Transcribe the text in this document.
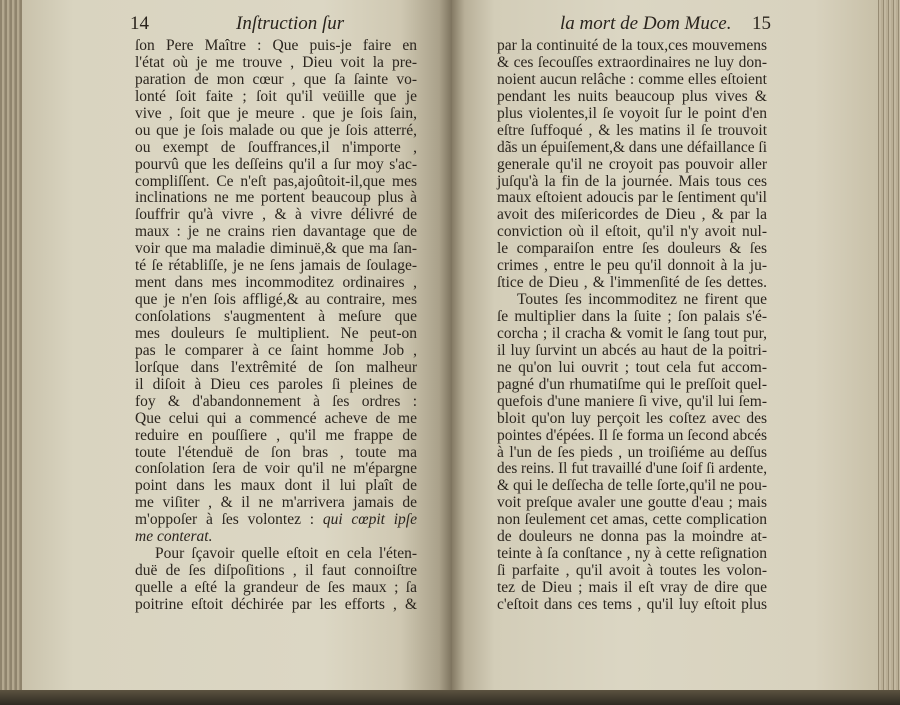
14	Inſtruction ſur	la mort de Dom Muce. 15
ſon Pere Maître : Que puis-je faire en
l'état où je me trouve , Dieu voit la pre-
paration de mon cœur , que ſa ſainte vo-
lonté ſoit faite ; ſoit qu'il veüille que je
vive , ſoit que je meure . que je ſois ſain,
ou que je ſois malade ou que je ſois atterré,
ou exempt de ſouffrances,il n'importe ,
pourvû que les deſſeins qu'il a ſur moy s'ac-
compliſſent. Ce n'eſt pas,ajoûtoit-il,que mes
inclinations ne me portent beaucoup plus à
ſouffrir qu'à vivre , & à vivre délivré de
maux : je ne crains rien davantage que de
voir que ma maladie diminuë,& que ma ſan-
té ſe rétabliſſe, je ne ſens jamais de ſoulage-
ment dans mes incommoditez ordinaires ,
que je n'en ſois affligé,& au contraire, mes
conſolations s'augmentent à meſure que
mes douleurs ſe multiplient. Ne peut-on
pas le comparer à ce ſaint homme Job ,
lorſque dans l'extrêmité de ſon malheur
il diſoit à Dieu ces paroles ſi pleines de
foy & d'abandonnement à ſes ordres :
Que celui qui a commencé acheve de me
reduire en pouſſiere , qu'il me frappe de
toute l'étenduë de ſon bras , toute ma
conſolation ſera de voir qu'il ne m'épargne
point dans les maux dont il lui plaît de
me viſiter , & il ne m'arrivera jamais de
m'oppoſer à ſes volontez : qui cœpit ipſe
me conterat.
Pour ſçavoir quelle eſtoit en cela l'éten-
duë de ſes diſpoſitions , il faut connoiſtre
quelle a eſté la grandeur de ſes maux ; ſa
poitrine eſtoit déchirée par les efforts , &
par la continuité de la toux,ces mouvemens
& ces ſecouſſes extraordinaires ne luy don-
noient aucun relâche : comme elles eſtoient
pendant les nuits beaucoup plus vives &
plus violentes,il ſe voyoit ſur le point d'en
eſtre ſuffoqué , & les matins il ſe trouvoit
dãs un épuiſement,& dans une défaillance ſi
generale qu'il ne croyoit pas pouvoir aller
juſqu'à la fin de la journée. Mais tous ces
maux eſtoient adoucis par le ſentiment qu'il
avoit des miſericordes de Dieu , & par la
conviction où il eſtoit, qu'il n'y avoit nul-
le comparaiſon entre ſes douleurs & ſes
crimes , entre le peu qu'il donnoit à la ju-
ſtice de Dieu , & l'immenſité de ſes dettes.
Toutes ſes incommoditez ne firent que
ſe multiplier dans la ſuite ; ſon palais s'é-
corcha ; il cracha & vomit le ſang tout pur,
il luy ſurvint un abcés au haut de la poitri-
ne qu'on lui ouvrit ; tout cela fut accom-
pagné d'un rhumatiſme qui le preſſoit quel-
quefois d'une maniere ſi vive, qu'il lui ſem-
bloit qu'on luy perçoit les coſtez avec des
pointes d'épées. Il ſe forma un ſecond abcés
à l'un de ſes pieds , un troiſiéme au deſſus
des reins. Il fut travaillé d'une ſoif ſi ardente,
& qui le deſſecha de telle ſorte,qu'il ne pou-
voit preſque avaler une goutte d'eau ; mais
non ſeulement cet amas, cette complication
de douleurs ne donna pas la moindre at-
teinte à ſa conſtance , ny à cette reſignation
ſi parfaite , qu'il avoit à toutes les volon-
tez de Dieu ; mais il eſt vray de dire que
c'eſtoit dans ces tems , qu'il luy eſtoit plus
